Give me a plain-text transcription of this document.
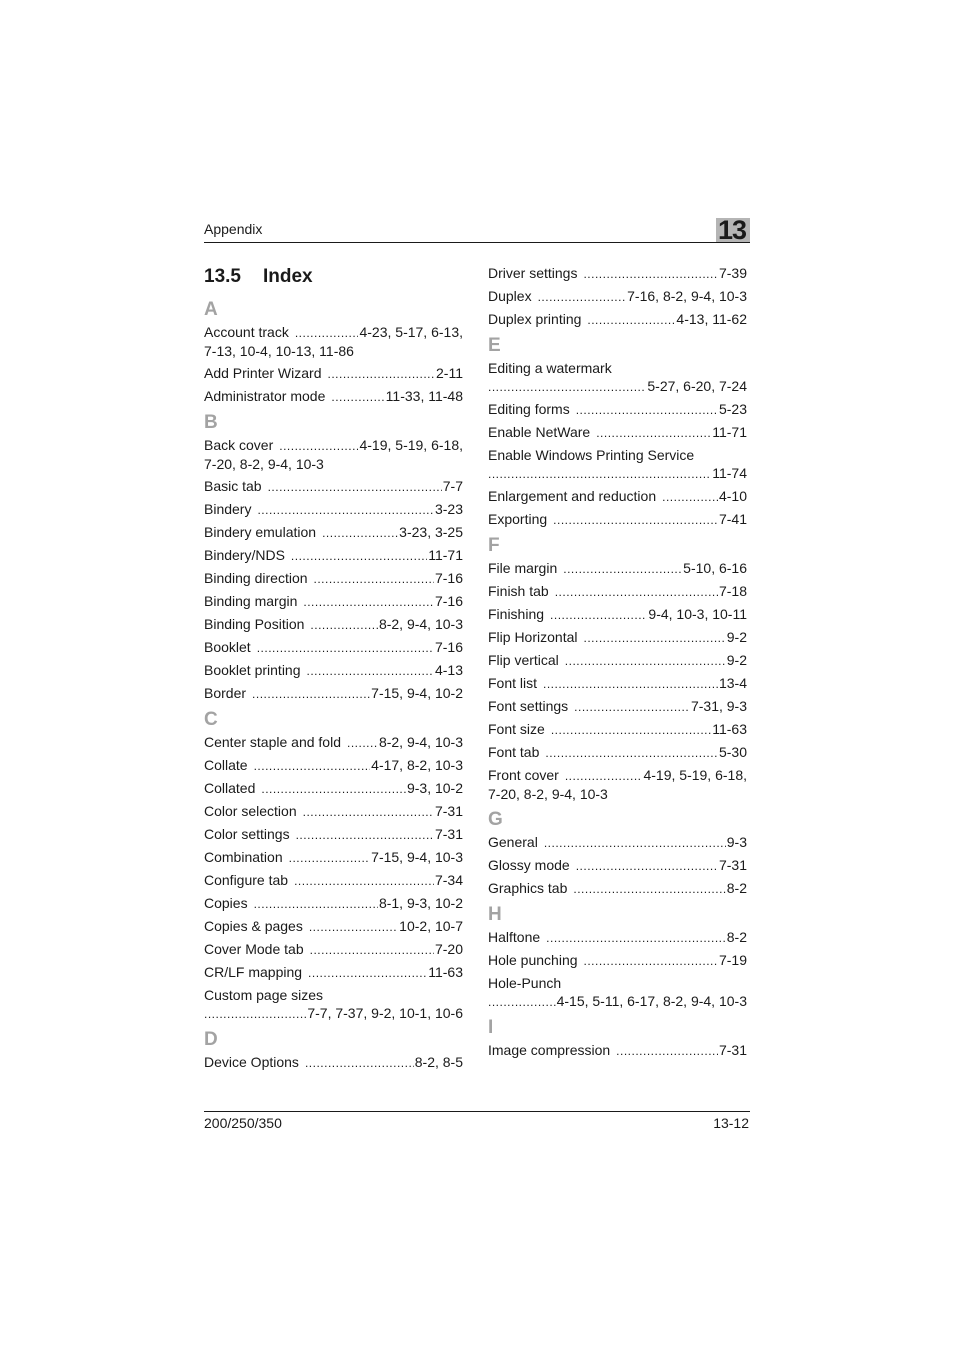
Appendix	13
13.5 Index
A
Account track .....	4-23, 5-17, 6-13,
7-13, 10-4, 10-13, 11-86
Add Printer Wizard .....	2-11
Administrator mode .....	11-33, 11-48
B
Back cover .....	4-19, 5-19, 6-18,
7-20, 8-2, 9-4, 10-3
Basic tab .....	7-7
Bindery .....	3-23
Bindery emulation .....	3-23, 3-25
Bindery/NDS .....	11-71
Binding direction .....	7-16
Binding margin .....	7-16
Binding Position .....	8-2, 9-4, 10-3
Booklet .....	7-16
Booklet printing .....	4-13
Border .....	7-15, 9-4, 10-2
C
Center staple and fold .....	8-2, 9-4, 10-3
Collate .....	4-17, 8-2, 10-3
Collated .....	9-3, 10-2
Color selection .....	7-31
Color settings .....	7-31
Combination .....	7-15, 9-4, 10-3
Configure tab .....	7-34
Copies .....	8-1, 9-3, 10-2
Copies & pages .....	10-2, 10-7
Cover Mode tab .....	7-20
CR/LF mapping .....	11-63
Custom page sizes
.....
7-7, 7-37, 9-2, 10-1, 10-6
D
Device Options .....	8-2, 8-5
Driver settings .....	7-39
Duplex .....	7-16, 8-2, 9-4, 10-3
Duplex printing .....	4-13, 11-62
E
Editing a watermark
.....
5-27, 6-20, 7-24
Editing forms .....	5-23
Enable NetWare .....	11-71
Enable Windows Printing Service
.....
11-74
Enlargement and reduction .....	4-10
Exporting .....	7-41
F
File margin .....	5-10, 6-16
Finish tab .....	7-18
Finishing .....	9-4, 10-3, 10-11
Flip Horizontal .....	9-2
Flip vertical .....	9-2
Font list .....	13-4
Font settings .....	7-31, 9-3
Font size .....	11-63
Font tab .....	5-30
Front cover .....	4-19, 5-19, 6-18,
7-20, 8-2, 9-4, 10-3
G
General .....	9-3
Glossy mode .....	7-31
Graphics tab .....	8-2
H
Halftone .....	8-2
Hole punching .....	7-19
Hole-Punch
.....
4-15, 5-11, 6-17, 8-2, 9-4, 10-3
I
Image compression .....	7-31
200/250/350	13-12
